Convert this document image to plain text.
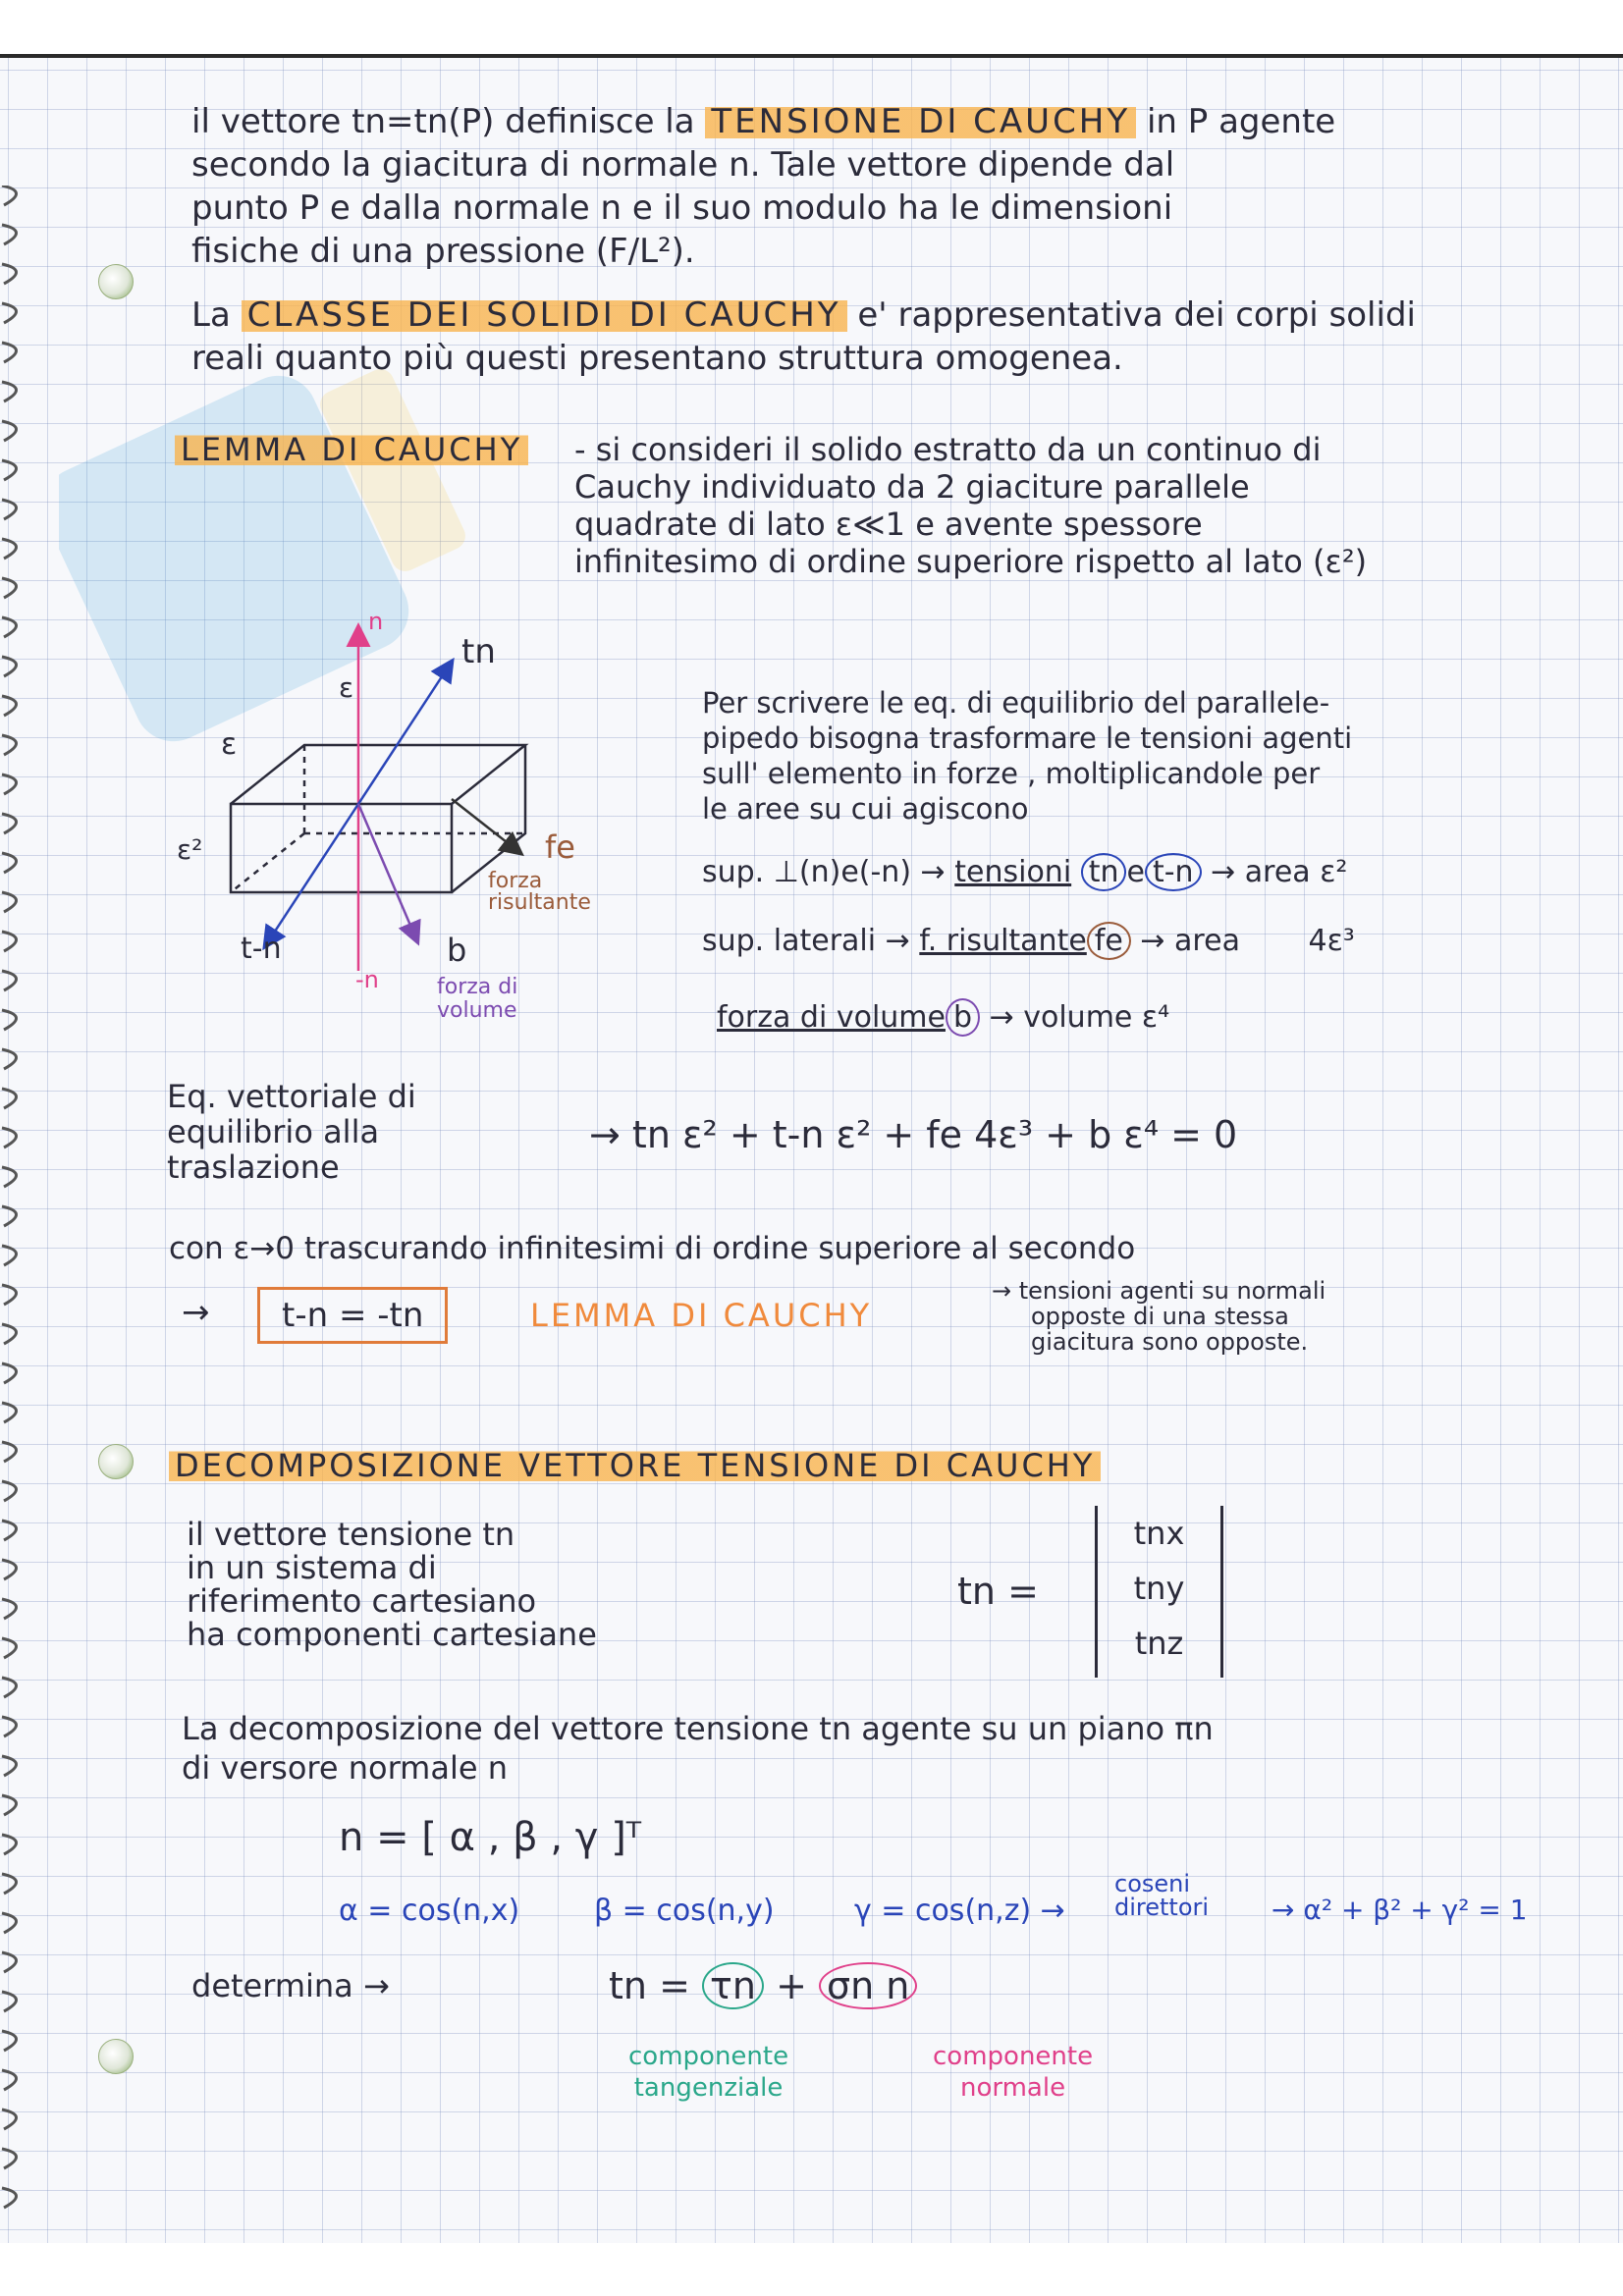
il vettore tn=tn(P) definisce la TENSIONE DI CAUCHY in P agente
secondo la giacitura di normale n. Tale vettore dipende dal
punto P e dalla normale n e il suo modulo ha le dimensioni
fisiche di una pressione (F/L²).
La CLASSE DEI SOLIDI DI CAUCHY e' rappresentativa dei corpi solidi
reali quanto più questi presentano struttura omogenea.
LEMMA DI CAUCHY - si consideri il solido estratto da un continuo di
Cauchy individuato da 2 giaciture parallele
quadrate di lato ε≪1 e avente spessore
infinitesimo di ordine superiore rispetto al lato (ε²)
tn
ε
ε
ε²
t-n
n
-n
fe
forza
risultante
b
forza di
volume
Per scrivere le eq. di equilibrio del parallele-
pipedo bisogna trasformare le tensioni agenti
sull' elemento in forze , moltiplicandole per
le aree su cui agiscono
sup. ⊥(n)e(-n) → tensioni tn e t-n → area ε²
sup. laterali → f. risultante fe → area 4ε³
forza di volume b → volume ε⁴
Eq. vettoriale di
equilibrio alla
traslazione
→ tn ε² + t-n ε² + fe 4ε³ + b ε⁴ = 0
con ε→0 trascurando infinitesimi di ordine superiore al secondo
→	t-n = -tn	LEMMA DI CAUCHY
→ tensioni agenti su normali
opposte di una stessa
giacitura sono opposte.
DECOMPOSIZIONE VETTORE TENSIONE DI CAUCHY
il vettore tensione tn
in un sistema di
riferimento cartesiano
ha componenti cartesiane
tn =
tnx
tny
tnz
La decomposizione del vettore tensione tn agente su un piano πn
di versore normale n
n = [ α , β , γ ]ᵀ
α = cos(n,x)	β = cos(n,y)	γ = cos(n,z) →
coseni
direttori → α² + β² + γ² = 1
determina →	tn = τn + σn n
componente
tangenziale
componente
normale
